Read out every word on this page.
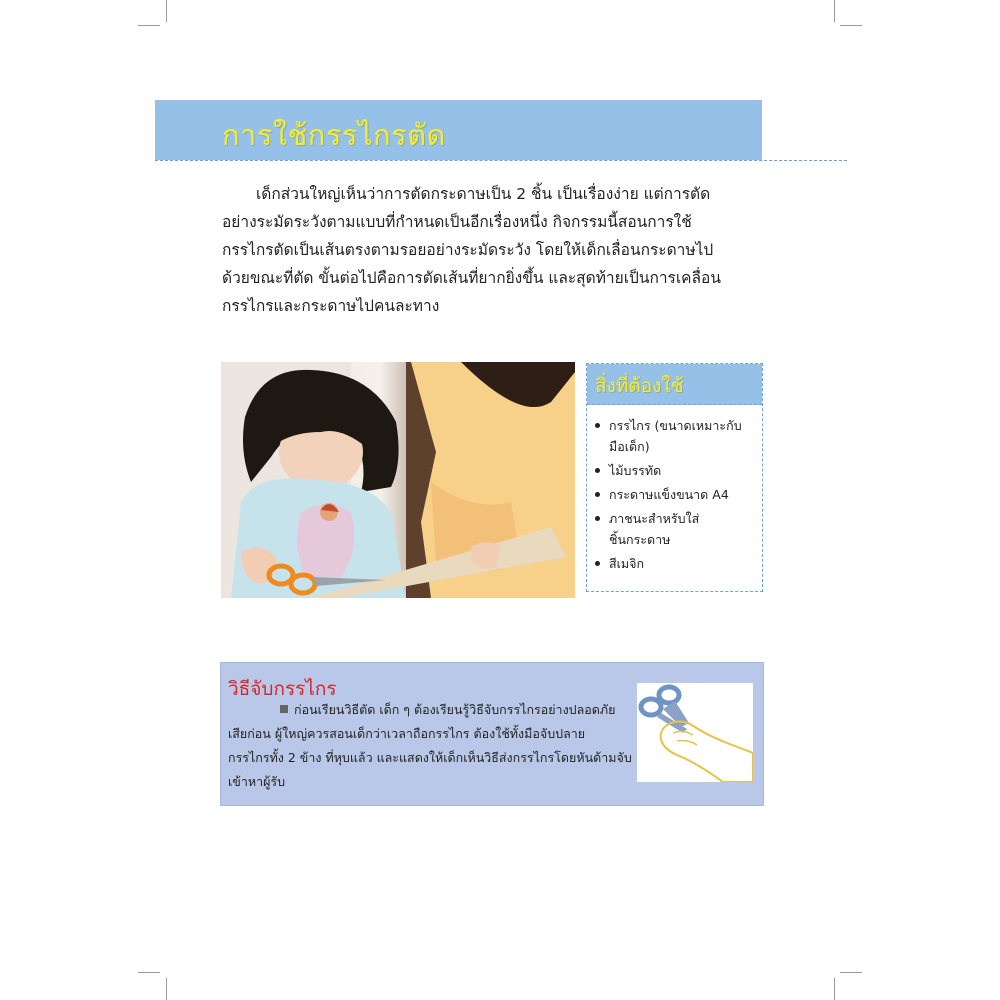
การใช้กรรไกรตัด
เด็กส่วนใหญ่เห็นว่าการตัดกระดาษเป็น 2 ชิ้น เป็นเรื่องง่าย แต่การตัด
อย่างระมัดระวังตามแบบที่กำหนดเป็นอีกเรื่องหนึ่ง กิจกรรมนี้สอนการใช้
กรรไกรตัดเป็นเส้นตรงตามรอยอย่างระมัดระวัง โดยให้เด็กเลื่อนกระดาษไป
ด้วยขณะที่ตัด ขั้นต่อไปคือการตัดเส้นที่ยากยิ่งขึ้น และสุดท้ายเป็นการเคลื่อน
กรรไกรและกระดาษไปคนละทาง
สิ่งที่ต้องใช้
กรรไกร (ขนาดเหมาะกับ
มือเด็ก)
ไม้บรรทัด
กระดาษแข็งขนาด A4
ภาชนะสำหรับใส่
ชิ้นกระดาษ
สีเมจิก
วิธีจับกรรไกร
ก่อนเรียนวิธีตัด เด็ก ๆ ต้องเรียนรู้วิธีจับกรรไกรอย่างปลอดภัย
เสียก่อน ผู้ใหญ่ควรสอนเด็กว่าเวลาถือกรรไกร ต้องใช้ทั้งมือจับปลาย
กรรไกรทั้ง 2 ข้าง ที่หุบแล้ว และแสดงให้เด็กเห็นวิธีส่งกรรไกรโดยหันด้ามจับ
เข้าหาผู้รับ
